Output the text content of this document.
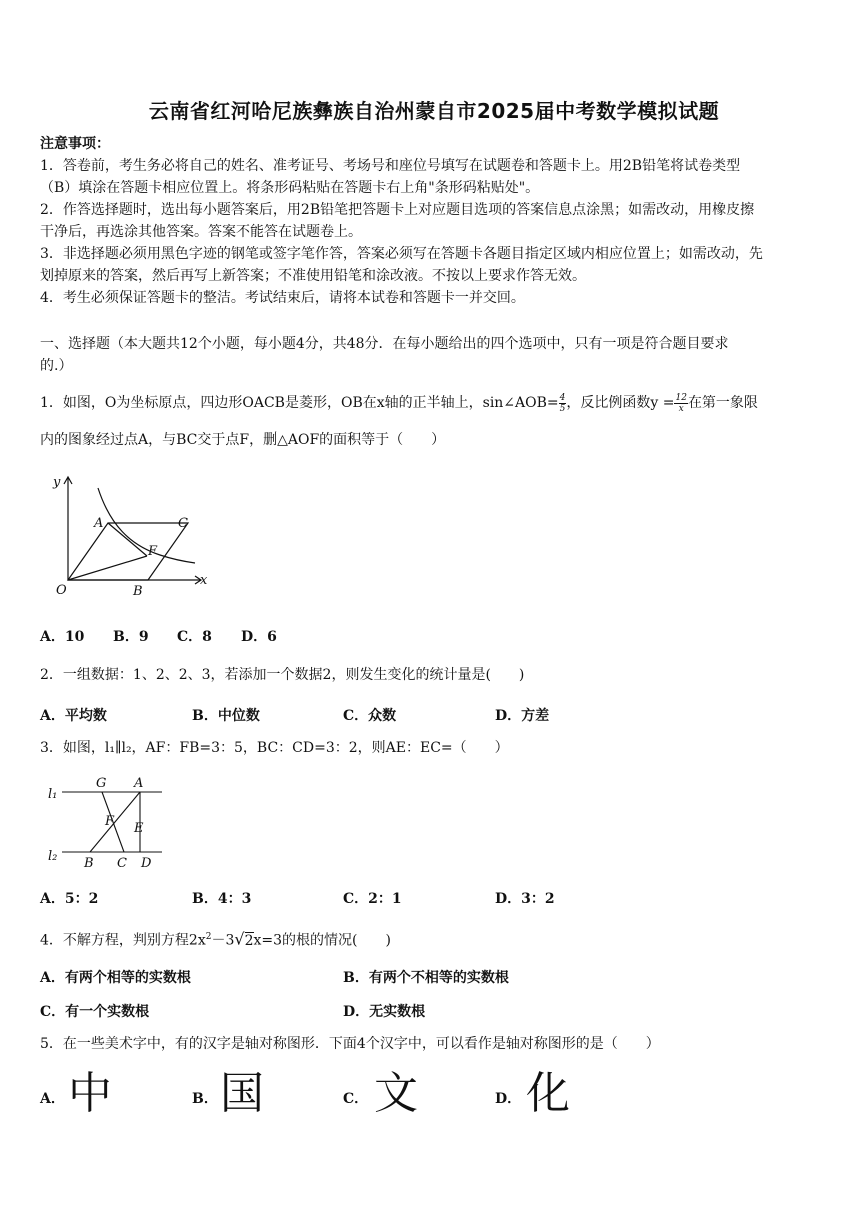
云南省红河哈尼族彝族自治州蒙自市2025届中考数学模拟试题
注意事项：
1．答卷前，考生务必将自己的姓名、准考证号、考场号和座位号填写在试题卷和答题卡上。用2B铅笔将试卷类型
（B）填涂在答题卡相应位置上。将条形码粘贴在答题卡右上角"条形码粘贴处"。
2．作答选择题时，选出每小题答案后，用2B铅笔把答题卡上对应题目选项的答案信息点涂黑；如需改动，用橡皮擦
干净后，再选涂其他答案。答案不能答在试题卷上。
3．非选择题必须用黑色字迹的钢笔或签字笔作答，答案必须写在答题卡各题目指定区域内相应位置上；如需改动，先
划掉原来的答案，然后再写上新答案；不准使用铅笔和涂改液。不按以上要求作答无效。
4．考生必须保证答题卡的整洁。考试结束后，请将本试卷和答题卡一并交回。
一、选择题（本大题共12个小题，每小题4分，共48分．在每小题给出的四个选项中，只有一项是符合题目要求
的.）
1．如图，O为坐标原点，四边形OACB是菱形，OB在x轴的正半轴上，sin∠AOB= $\frac{4}{5}$ ，反比例函数$y = \frac{12}{x}$ 在第一象限
内的图象经过点A，与BC交于点F，删△AOF的面积等于（　　）
y
x
O
A	C
F
B
A．10 B．9 C．8 D．6
2．一组数据：1、2、2、3，若添加一个数据2，则发生变化的统计量是(　　)
A．平均数	B．中位数	C．众数	D．方差
3．如图，l₁∥l₂，AF：FB=3：5，BC：CD=3：2，则AE：EC=（　　）
l₁
l₂
G A
F E
B C D
A．5：2	B．4：3	C．2：1	D．3：2
4．不解方程，判别方程$2x^2-3√2x=3$的根的情况(　　)
A．有两个相等的实数根	B．有两个不相等的实数根
C．有一个实数根	D．无实数根
5．在一些美术字中，有的汉字是轴对称图形．下面4个汉字中，可以看作是轴对称图形的是（　　）
A． 中	B． 国	C． 文	D． 化
